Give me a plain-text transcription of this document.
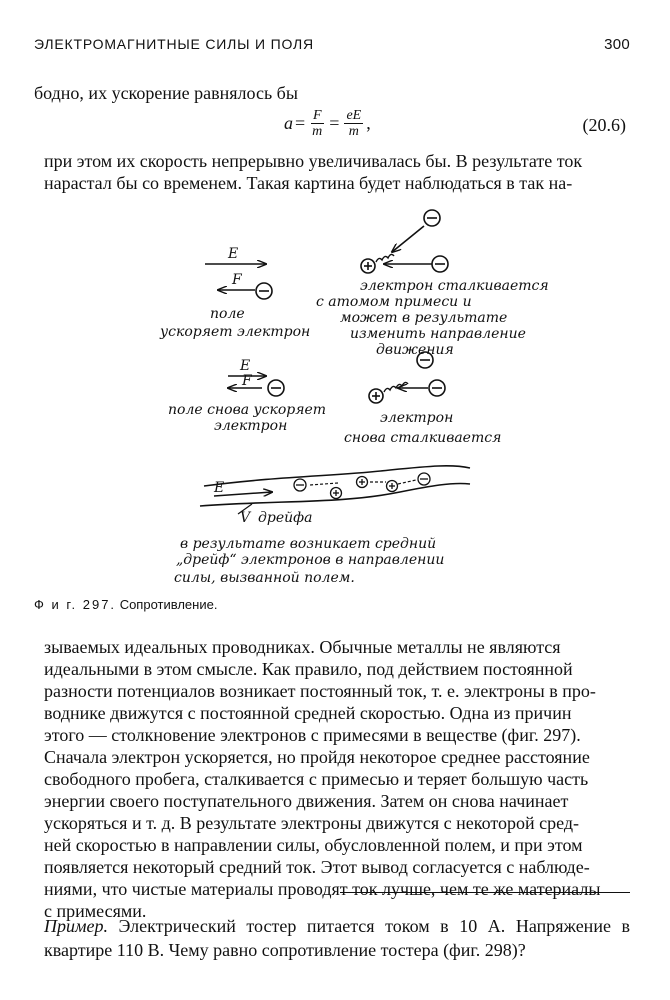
ЭЛЕКТРОМАГНИТНЫЕ СИЛЫ И ПОЛЯ	300
бодно, их ускорение равнялось бы
$a = \frac{F}{m} = \frac{eE}{m}$ ,	(20.6)
при этом их скорость непрерывно увеличивалась бы. В результате ток
нарастал бы со временем. Такая картина будет наблюдаться в так на-
E
F
поле
ускоряет электрон
электрон сталкивается
с атомом примеси и
может в результате
изменить направление
движения
E
F
поле снова ускоряет
электрон	электрон
снова сталкивается
E
V дрейфа
в результате возникает средний
„дрейф“ электронов в направлении
силы, вызванной полем.
Ф и г. 297. Сопротивление.
зываемых идеальных проводниках. Обычные металлы не являются
идеальными в этом смысле. Как правило, под действием постоянной
разности потенциалов возникает постоянный ток, т. е. электроны в про-
воднике движутся с постоянной средней скоростью. Одна из причин
этого — столкновение электронов с примесями в веществе (фиг. 297).
Сначала электрон ускоряется, но пройдя некоторое среднее расстояние
свободного пробега, сталкивается с примесью и теряет большую часть
энергии своего поступательного движения. Затем он снова начинает
ускоряться и т. д. В результате электроны движутся с некоторой сред-
ней скоростью в направлении силы, обусловленной полем, и при этом
появляется некоторый средний ток. Этот вывод согласуется с наблюде-
ниями, что чистые материалы проводят ток лучше, чем те же материалы
с примесями.
Пример. Электрический тостер питается током в 10 А. Напряжение в квартире 110 В. Чему равно сопротивление тостера (фиг. 298)?
